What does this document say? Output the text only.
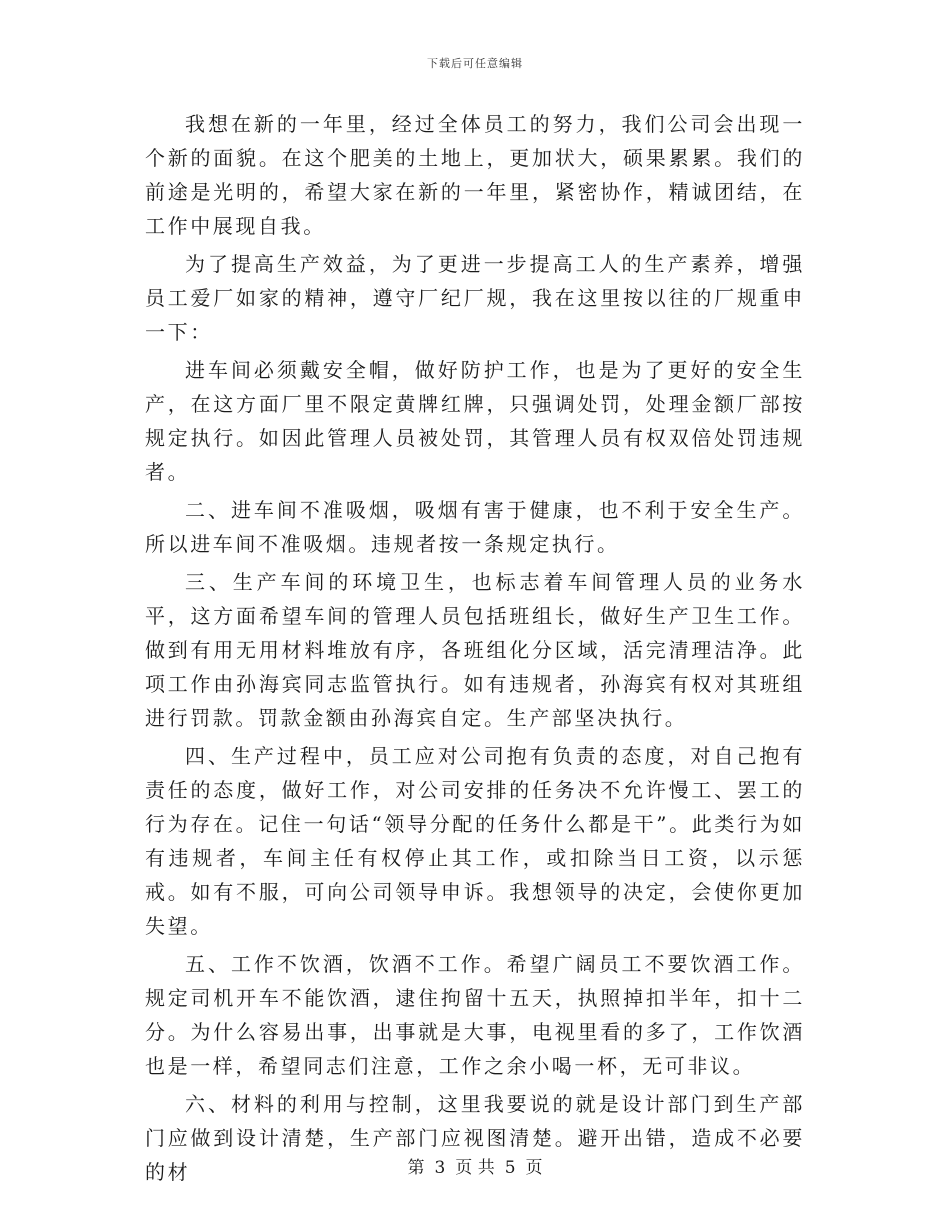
下载后可任意编辑

我想在新的一年里，经过全体员工的努力，我们公司会出现一个新的面貌。在这个肥美的土地上，更加状大，硕果累累。我们的前途是光明的，希望大家在新的一年里，紧密协作，精诚团结，在工作中展现自我。

为了提高生产效益，为了更进一步提高工人的生产素养，增强员工爱厂如家的精神，遵守厂纪厂规，我在这里按以往的厂规重申一下：

进车间必须戴安全帽，做好防护工作，也是为了更好的安全生产，在这方面厂里不限定黄牌红牌，只强调处罚，处理金额厂部按规定执行。如因此管理人员被处罚，其管理人员有权双倍处罚违规者。

二、进车间不准吸烟，吸烟有害于健康，也不利于安全生产。所以进车间不准吸烟。违规者按一条规定执行。

三、生产车间的环境卫生，也标志着车间管理人员的业务水平，这方面希望车间的管理人员包括班组长，做好生产卫生工作。做到有用无用材料堆放有序，各班组化分区域，活完清理洁净。此项工作由孙海宾同志监管执行。如有违规者，孙海宾有权对其班组进行罚款。罚款金额由孙海宾自定。生产部坚决执行。

四、生产过程中，员工应对公司抱有负责的态度，对自己抱有责任的态度，做好工作，对公司安排的任务决不允许慢工、罢工的行为存在。记住一句话“领导分配的任务什么都是干”。此类行为如有违规者，车间主任有权停止其工作，或扣除当日工资，以示惩戒。如有不服，可向公司领导申诉。我想领导的决定，会使你更加失望。

五、工作不饮酒，饮酒不工作。希望广阔员工不要饮酒工作。规定司机开车不能饮酒，逮住拘留十五天，执照掉扣半年，扣十二分。为什么容易出事，出事就是大事，电视里看的多了，工作饮酒也是一样，希望同志们注意，工作之余小喝一杯，无可非议。

六、材料的利用与控制，这里我要说的就是设计部门到生产部门应做到设计清楚，生产部门应视图清楚。避开出错，造成不必要的材	第 3 页 共 5 页
